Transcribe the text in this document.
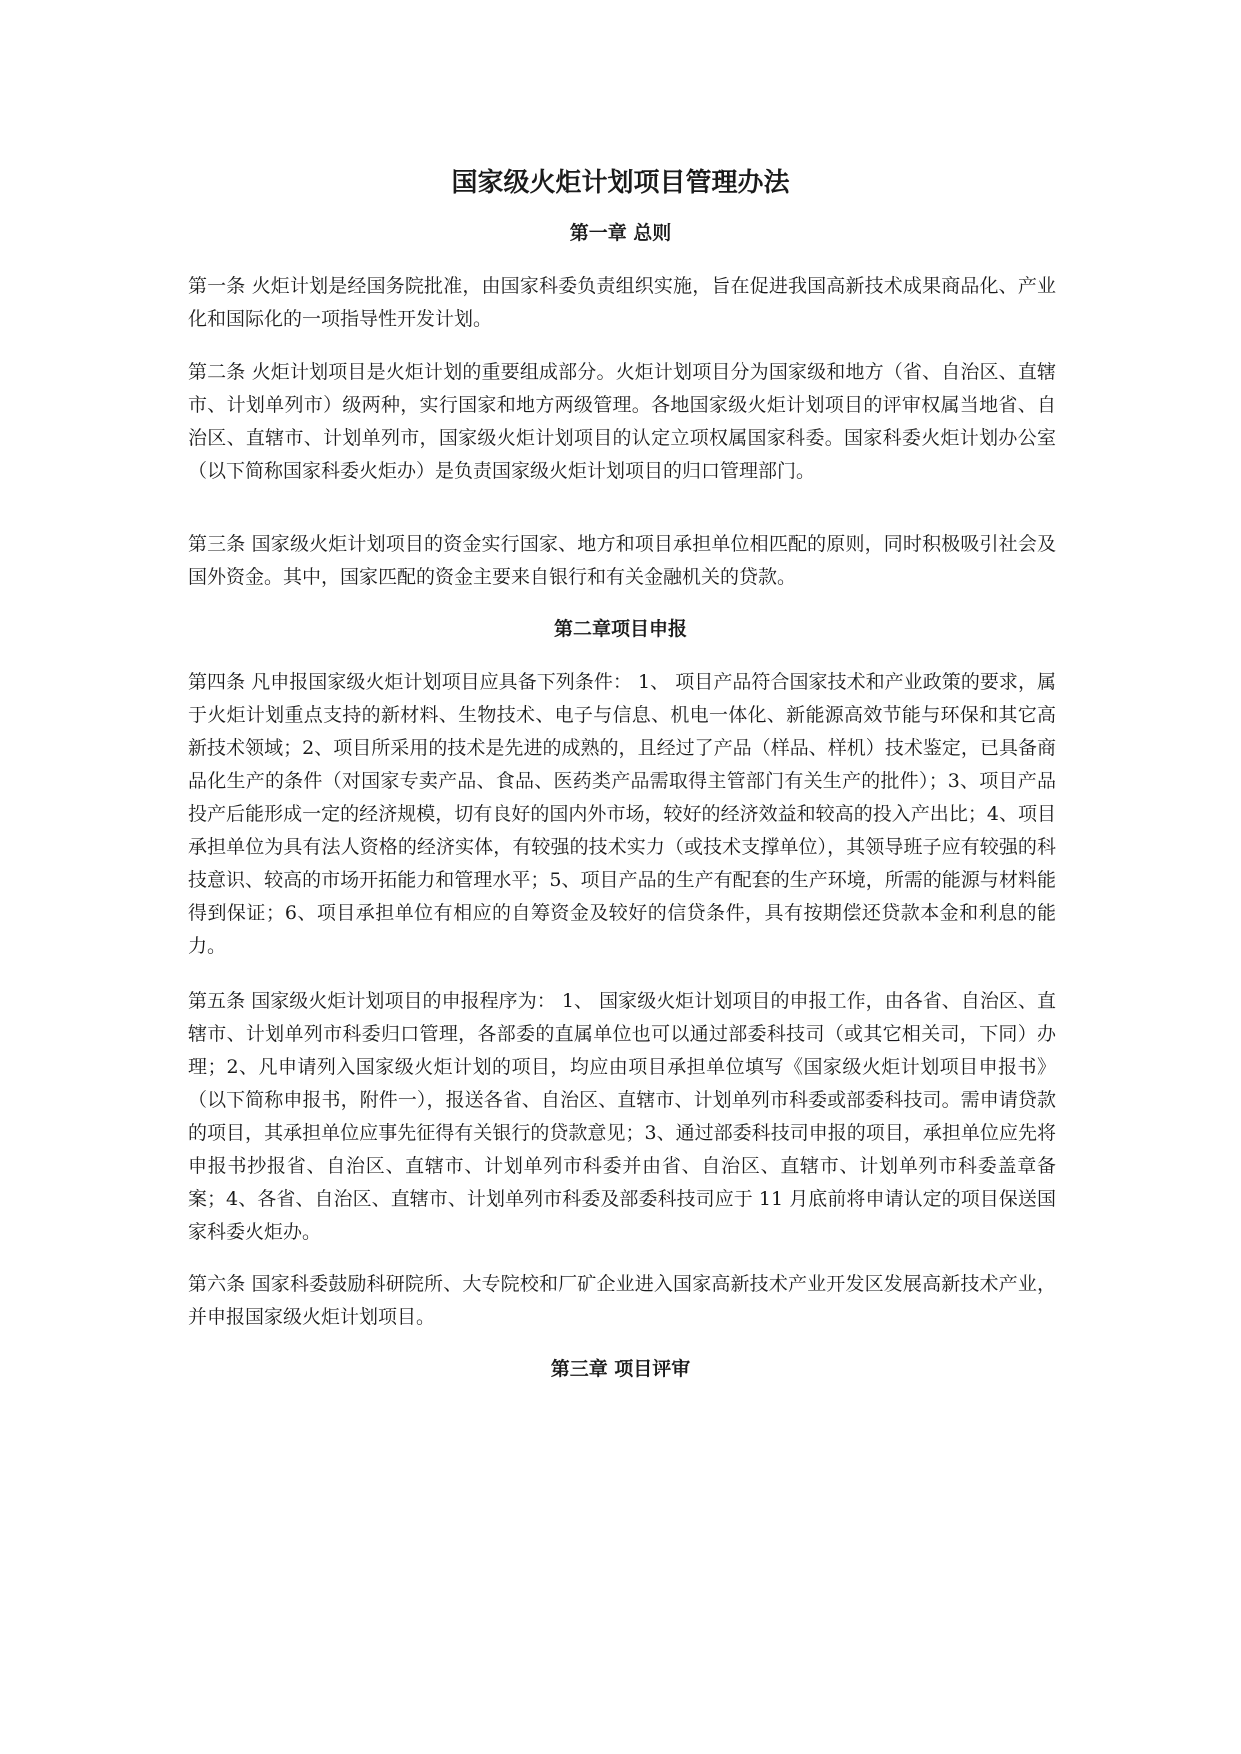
国家级火炬计划项目管理办法
第一章 总则

第一条 火炬计划是经国务院批准，由国家科委负责组织实施，旨在促进我国高新技术成果商品化、产业化和国际化的一项指导性开发计划。

第二条 火炬计划项目是火炬计划的重要组成部分。火炬计划项目分为国家级和地方（省、自治区、直辖市、计划单列市）级两种，实行国家和地方两级管理。各地国家级火炬计划项目的评审权属当地省、自治区、直辖市、计划单列市，国家级火炬计划项目的认定立项权属国家科委。国家科委火炬计划办公室（以下简称国家科委火炬办）是负责国家级火炬计划项目的归口管理部门。

第三条 国家级火炬计划项目的资金实行国家、地方和项目承担单位相匹配的原则，同时积极吸引社会及国外资金。其中，国家匹配的资金主要来自银行和有关金融机关的贷款。

第二章项目申报

第四条 凡申报国家级火炬计划项目应具备下列条件： 1、 项目产品符合国家技术和产业政策的要求，属于火炬计划重点支持的新材料、生物技术、电子与信息、机电一体化、新能源高效节能与环保和其它高新技术领域；2、项目所采用的技术是先进的成熟的，且经过了产品（样品、样机）技术鉴定，已具备商品化生产的条件（对国家专卖产品、食品、医药类产品需取得主管部门有关生产的批件）；3、项目产品投产后能形成一定的经济规模，切有良好的国内外市场，较好的经济效益和较高的投入产出比；4、项目承担单位为具有法人资格的经济实体，有较强的技术实力（或技术支撑单位），其领导班子应有较强的科技意识、较高的市场开拓能力和管理水平；5、项目产品的生产有配套的生产环境，所需的能源与材料能得到保证；6、项目承担单位有相应的自筹资金及较好的信贷条件，具有按期偿还贷款本金和利息的能力。

第五条 国家级火炬计划项目的申报程序为： 1、 国家级火炬计划项目的申报工作，由各省、自治区、直辖市、计划单列市科委归口管理，各部委的直属单位也可以通过部委科技司（或其它相关司，下同）办理；2、凡申请列入国家级火炬计划的项目，均应由项目承担单位填写《国家级火炬计划项目申报书》（以下简称申报书，附件一），报送各省、自治区、直辖市、计划单列市科委或部委科技司。需申请贷款的项目，其承担单位应事先征得有关银行的贷款意见；3、通过部委科技司申报的项目，承担单位应先将申报书抄报省、自治区、直辖市、计划单列市科委并由省、自治区、直辖市、计划单列市科委盖章备案；4、各省、自治区、直辖市、计划单列市科委及部委科技司应于 11 月底前将申请认定的项目保送国家科委火炬办。

第六条 国家科委鼓励科研院所、大专院校和厂矿企业进入国家高新技术产业开发区发展高新技术产业，并申报国家级火炬计划项目。

第三章 项目评审
